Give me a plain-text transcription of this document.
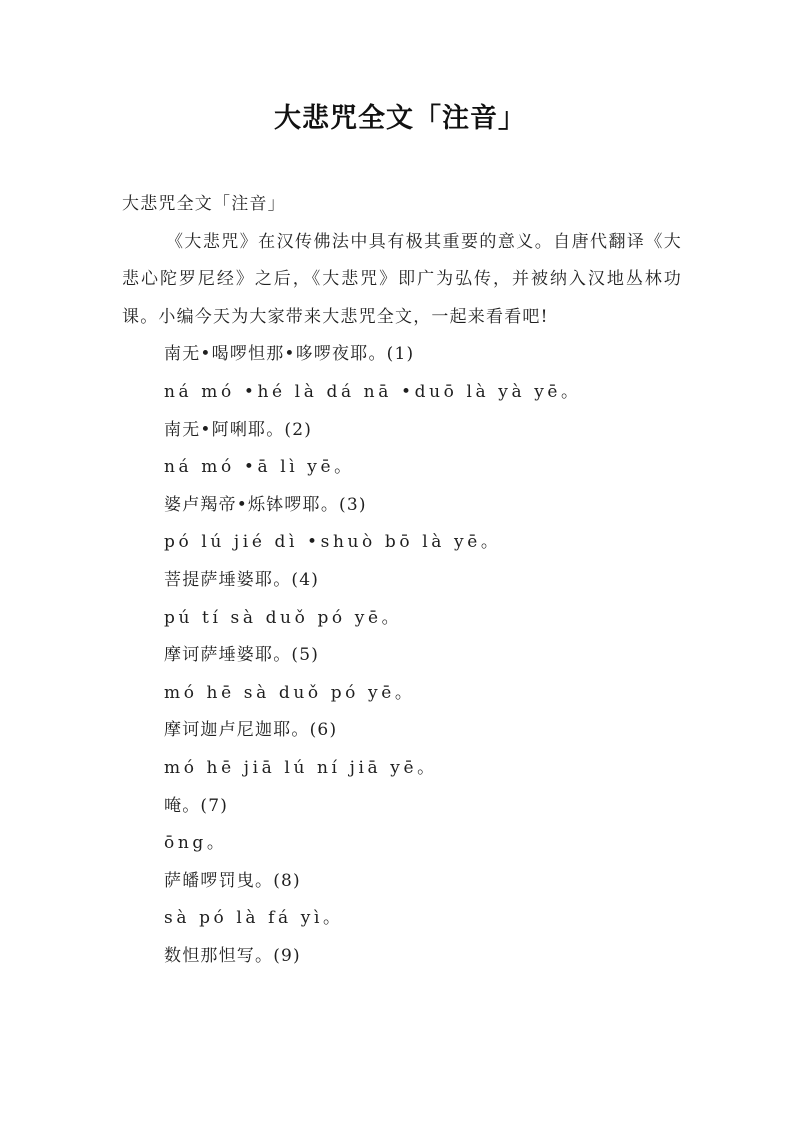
大悲咒全文「注音」

大悲咒全文「注音」

《大悲咒》在汉传佛法中具有极其重要的意义。自唐代翻译《大悲心陀罗尼经》之后，《大悲咒》即广为弘传，并被纳入汉地丛林功课。小编今天为大家带来大悲咒全文，一起来看看吧!

南无•喝啰怛那•哆啰夜耶。(1)
ná mó •hé là dá nā •duō là yà yē。
南无•阿唎耶。(2)
ná mó •ā lì yē。
婆卢羯帝•烁钵啰耶。(3)
pó lú jié dì •shuò bō là yē。
菩提萨埵婆耶。(4)
pú tí sà duǒ pó yē。
摩诃萨埵婆耶。(5)
mó hē sà duǒ pó yē。
摩诃迦卢尼迦耶。(6)
mó hē jiā lú ní jiā yē。
唵。(7)
ōng。
萨皤啰罚曳。(8)
sà pó là fá yì。
数怛那怛写。(9)
